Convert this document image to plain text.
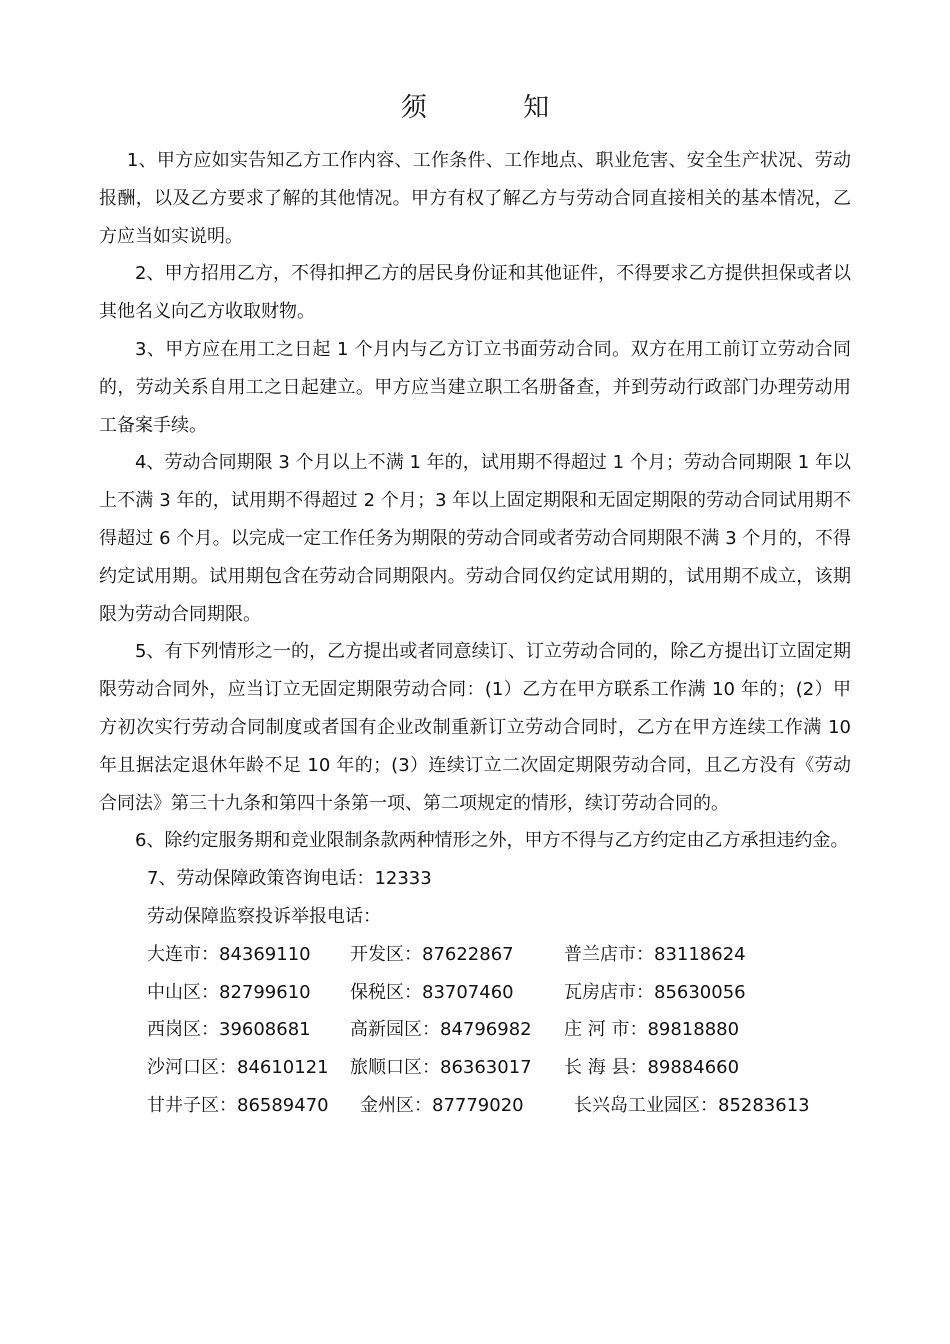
须 知

1、甲方应如实告知乙方工作内容、工作条件、工作地点、职业危害、安全生产状况、劳动报酬，以及乙方要求了解的其他情况。甲方有权了解乙方与劳动合同直接相关的基本情况，乙方应当如实说明。

2、甲方招用乙方，不得扣押乙方的居民身份证和其他证件，不得要求乙方提供担保或者以其他名义向乙方收取财物。

3、甲方应在用工之日起 1 个月内与乙方订立书面劳动合同。双方在用工前订立劳动合同的，劳动关系自用工之日起建立。甲方应当建立职工名册备查，并到劳动行政部门办理劳动用工备案手续。

4、劳动合同期限 3 个月以上不满 1 年的，试用期不得超过 1 个月；劳动合同期限 1 年以上不满 3 年的，试用期不得超过 2 个月；3 年以上固定期限和无固定期限的劳动合同试用期不得超过 6 个月。以完成一定工作任务为期限的劳动合同或者劳动合同期限不满 3 个月的，不得约定试用期。试用期包含在劳动合同期限内。劳动合同仅约定试用期的，试用期不成立，该期限为劳动合同期限。

5、有下列情形之一的，乙方提出或者同意续订、订立劳动合同的，除乙方提出订立固定期限劳动合同外，应当订立无固定期限劳动合同：(1）乙方在甲方联系工作满 10 年的；(2）甲方初次实行劳动合同制度或者国有企业改制重新订立劳动合同时，乙方在甲方连续工作满 10 年且据法定退休年龄不足 10 年的；(3）连续订立二次固定期限劳动合同，且乙方没有《劳动合同法》第三十九条和第四十条第一项、第二项规定的情形，续订劳动合同的。

6、除约定服务期和竞业限制条款两种情形之外，甲方不得与乙方约定由乙方承担违约金。

7、劳动保障政策咨询电话：12333
劳动保障监察投诉举报电话：
大连市：84369110	开发区：87622867	普兰店市：83118624
中山区：82799610	保税区：83707460	瓦房店市：85630056
西岗区：39608681	高新园区：84796982	庄 河 市：89818880
沙河口区：84610121	旅顺口区：86363017	长 海 县：89884660
甘井子区：86589470	金州区：87779020	长兴岛工业园区：85283613
